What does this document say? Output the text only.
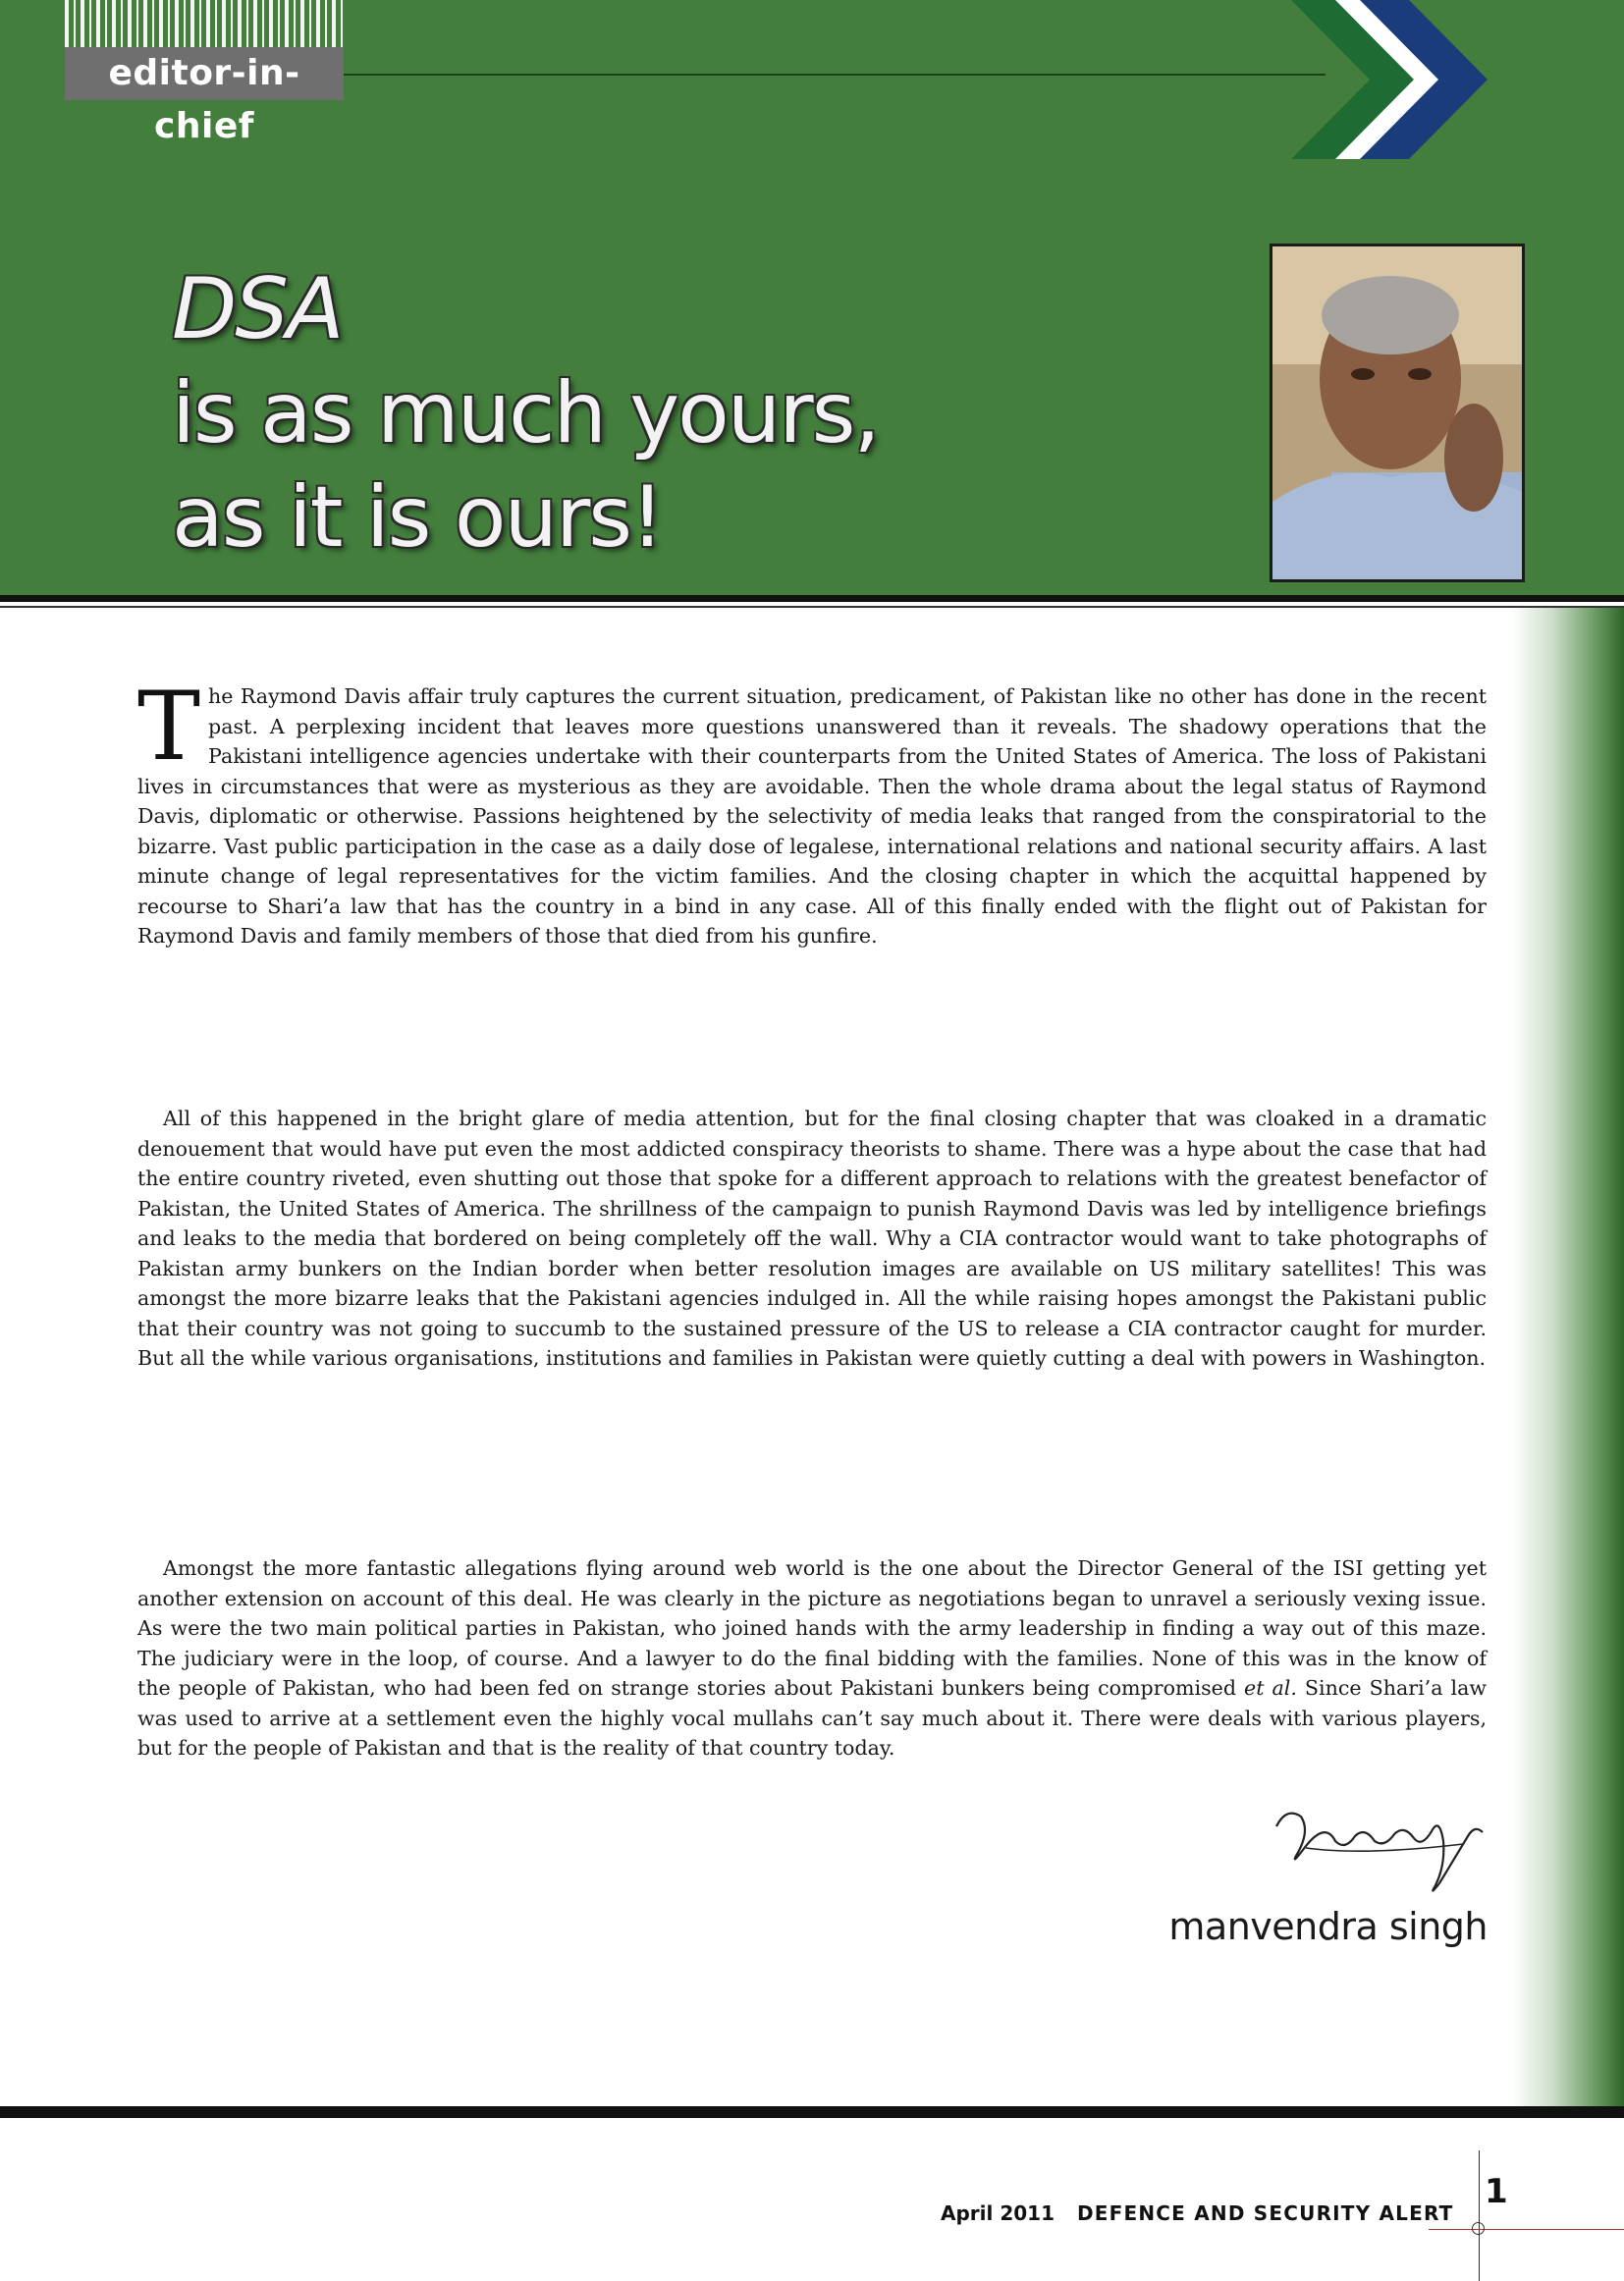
editor-in-chief
DSA
is as much yours,
as it is ours!

The Raymond Davis affair truly captures the current situation, predicament, of Pakistan like no other has done in the recent past. A perplexing incident that leaves more questions unanswered than it reveals. The shadowy operations that the Pakistani intelligence agencies undertake with their counterparts from the United States of America. The loss of Pakistani lives in circumstances that were as mysterious as they are avoidable. Then the whole drama about the legal status of Raymond Davis, diplomatic or otherwise. Passions heightened by the selectivity of media leaks that ranged from the conspiratorial to the bizarre. Vast public participation in the case as a daily dose of legalese, international relations and national security affairs. A last minute change of legal representatives for the victim families. And the closing chapter in which the acquittal happened by recourse to Shari’a law that has the country in a bind in any case. All of this finally ended with the flight out of Pakistan for Raymond Davis and family members of those that died from his gunfire.

All of this happened in the bright glare of media attention, but for the final closing chapter that was cloaked in a dramatic denouement that would have put even the most addicted conspiracy theorists to shame. There was a hype about the case that had the entire country riveted, even shutting out those that spoke for a different approach to relations with the greatest benefactor of Pakistan, the United States of America. The shrillness of the campaign to punish Raymond Davis was led by intelligence briefings and leaks to the media that bordered on being completely off the wall. Why a CIA contractor would want to take photographs of Pakistan army bunkers on the Indian border when better resolution images are available on US military satellites! This was amongst the more bizarre leaks that the Pakistani agencies indulged in. All the while raising hopes amongst the Pakistani public that their country was not going to succumb to the sustained pressure of the US to release a CIA contractor caught for murder. But all the while various organisations, institutions and families in Pakistan were quietly cutting a deal with powers in Washington.

Amongst the more fantastic allegations flying around web world is the one about the Director General of the ISI getting yet another extension on account of this deal. He was clearly in the picture as negotiations began to unravel a seriously vexing issue. As were the two main political parties in Pakistan, who joined hands with the army leadership in finding a way out of this maze. The judiciary were in the loop, of course. And a lawyer to do the final bidding with the families. None of this was in the know of the people of Pakistan, who had been fed on strange stories about Pakistani bunkers being compromised et al. Since Shari’a law was used to arrive at a settlement even the highly vocal mullahs can’t say much about it. There were deals with various players, but for the people of Pakistan and that is the reality of that country today.

manvendra singh
April 2011 DEFENCE AND SECURITY ALERT
1
